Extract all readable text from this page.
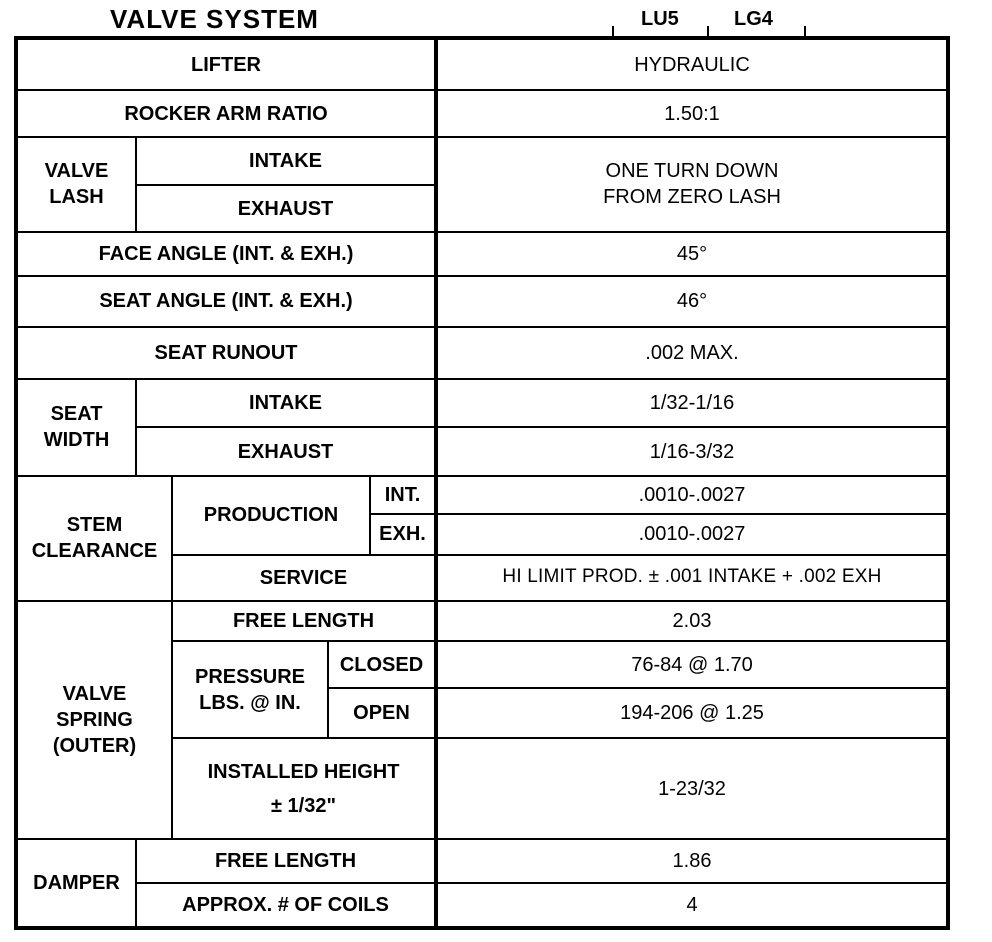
VALVE SYSTEM	LU5	LG4
LIFTER					HYDRAULIC
ROCKER ARM RATIO					1.50:1
VALVE LASH	INTAKE				ONE TURN DOWN
FROM ZERO LASH

	EXHAUST				
FACE ANGLE (INT. & EXH.)					45°
SEAT ANGLE (INT. & EXH.)					46°
SEAT RUNOUT					.002 MAX.

SEAT
WIDTH	INTAKE				1/32-1/16
	EXHAUST				1/16-3/32

STEM
CLEARANCE		PRODUCTION		INT.	.0010-.0027
				EXH.	.0010-.0027
		SERVICE			HI LIMIT PROD. ± .001 INTAKE + .002 EXH

VALVE
SPRING
(OUTER)		FREE LENGTH			2.03

		PRESSURE
LBS. @ IN.	CLOSED		76-84 @ 1.70
			OPEN		194-206 @ 1.25

		INSTALLED HEIGHT
± 1/32"			1-23/32
DAMPER	FREE LENGTH				1.86
	APPROX. # OF COILS				4
